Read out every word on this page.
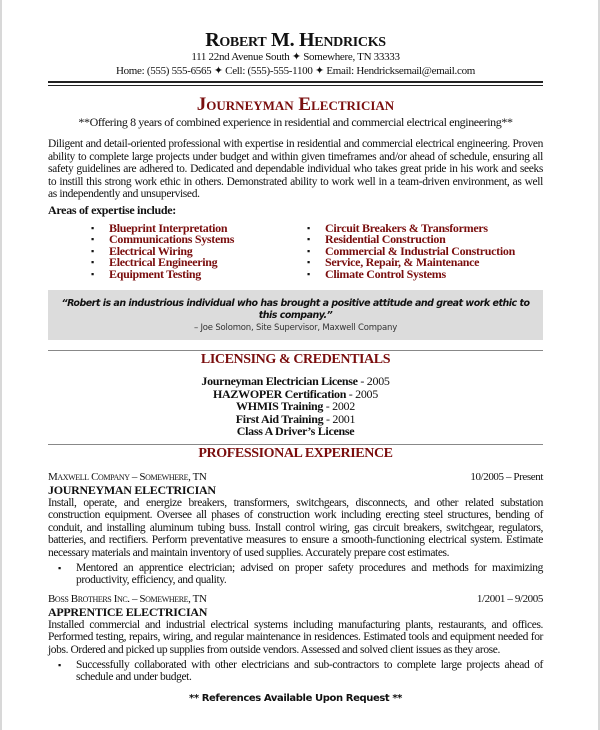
Robert M. Hendricks
111 22nd Avenue South ✦ Somewhere, TN 33333
Home: (555) 555-6565 ✦ Cell: (555)-555-1100 ✦ Email: Hendricksemail@email.com
Journeyman Electrician
**Offering 8 years of combined experience in residential and commercial electrical engineering**
Diligent and detail-oriented professional with expertise in residential and commercial electrical engineering. Proven ability to complete large projects under budget and within given timeframes and/or ahead of schedule, ensuring all safety guidelines are adhered to. Dedicated and dependable individual who takes great pride in his work and seeks to instill this strong work ethic in others. Demonstrated ability to work well in a team-driven environment, as well as independently and unsupervised.
Areas of expertise include:
▪ Blueprint Interpretation
▪ Communications Systems
▪ Electrical Wiring
▪ Electrical Engineering
▪ Equipment Testing
▪ Circuit Breakers & Transformers
▪ Residential Construction
▪ Commercial & Industrial Construction
▪ Service, Repair, & Maintenance
▪ Climate Control Systems
“Robert is an industrious individual who has brought a positive attitude and great work ethic to this company.”
– Joe Solomon, Site Supervisor, Maxwell Company
LICENSING & CREDENTIALS
Journeyman Electrician License - 2005
HAZWOPER Certification - 2005
WHMIS Training - 2002
First Aid Training - 2001
Class A Driver’s License
PROFESSIONAL EXPERIENCE
Maxwell Company – Somewhere, TN	10/2005 – Present
JOURNEYMAN ELECTRICIAN
Install, operate, and energize breakers, transformers, switchgears, disconnects, and other related substation construction equipment. Oversee all phases of construction work including erecting steel structures, bending of conduit, and installing aluminum tubing buss. Install control wiring, gas circuit breakers, switchgear, regulators, batteries, and rectifiers. Perform preventative measures to ensure a smooth-functioning electrical system. Estimate necessary materials and maintain inventory of used supplies. Accurately prepare cost estimates.
▪ Mentored an apprentice electrician; advised on proper safety procedures and methods for maximizing productivity, efficiency, and quality.
Boss Brothers Inc. – Somewhere, TN	1/2001 – 9/2005
APPRENTICE ELECTRICIAN
Installed commercial and industrial electrical systems including manufacturing plants, restaurants, and offices. Performed testing, repairs, wiring, and regular maintenance in residences. Estimated tools and equipment needed for jobs. Ordered and picked up supplies from outside vendors. Assessed and solved client issues as they arose.
▪ Successfully collaborated with other electricians and sub-contractors to complete large projects ahead of schedule and under budget.
** References Available Upon Request **
